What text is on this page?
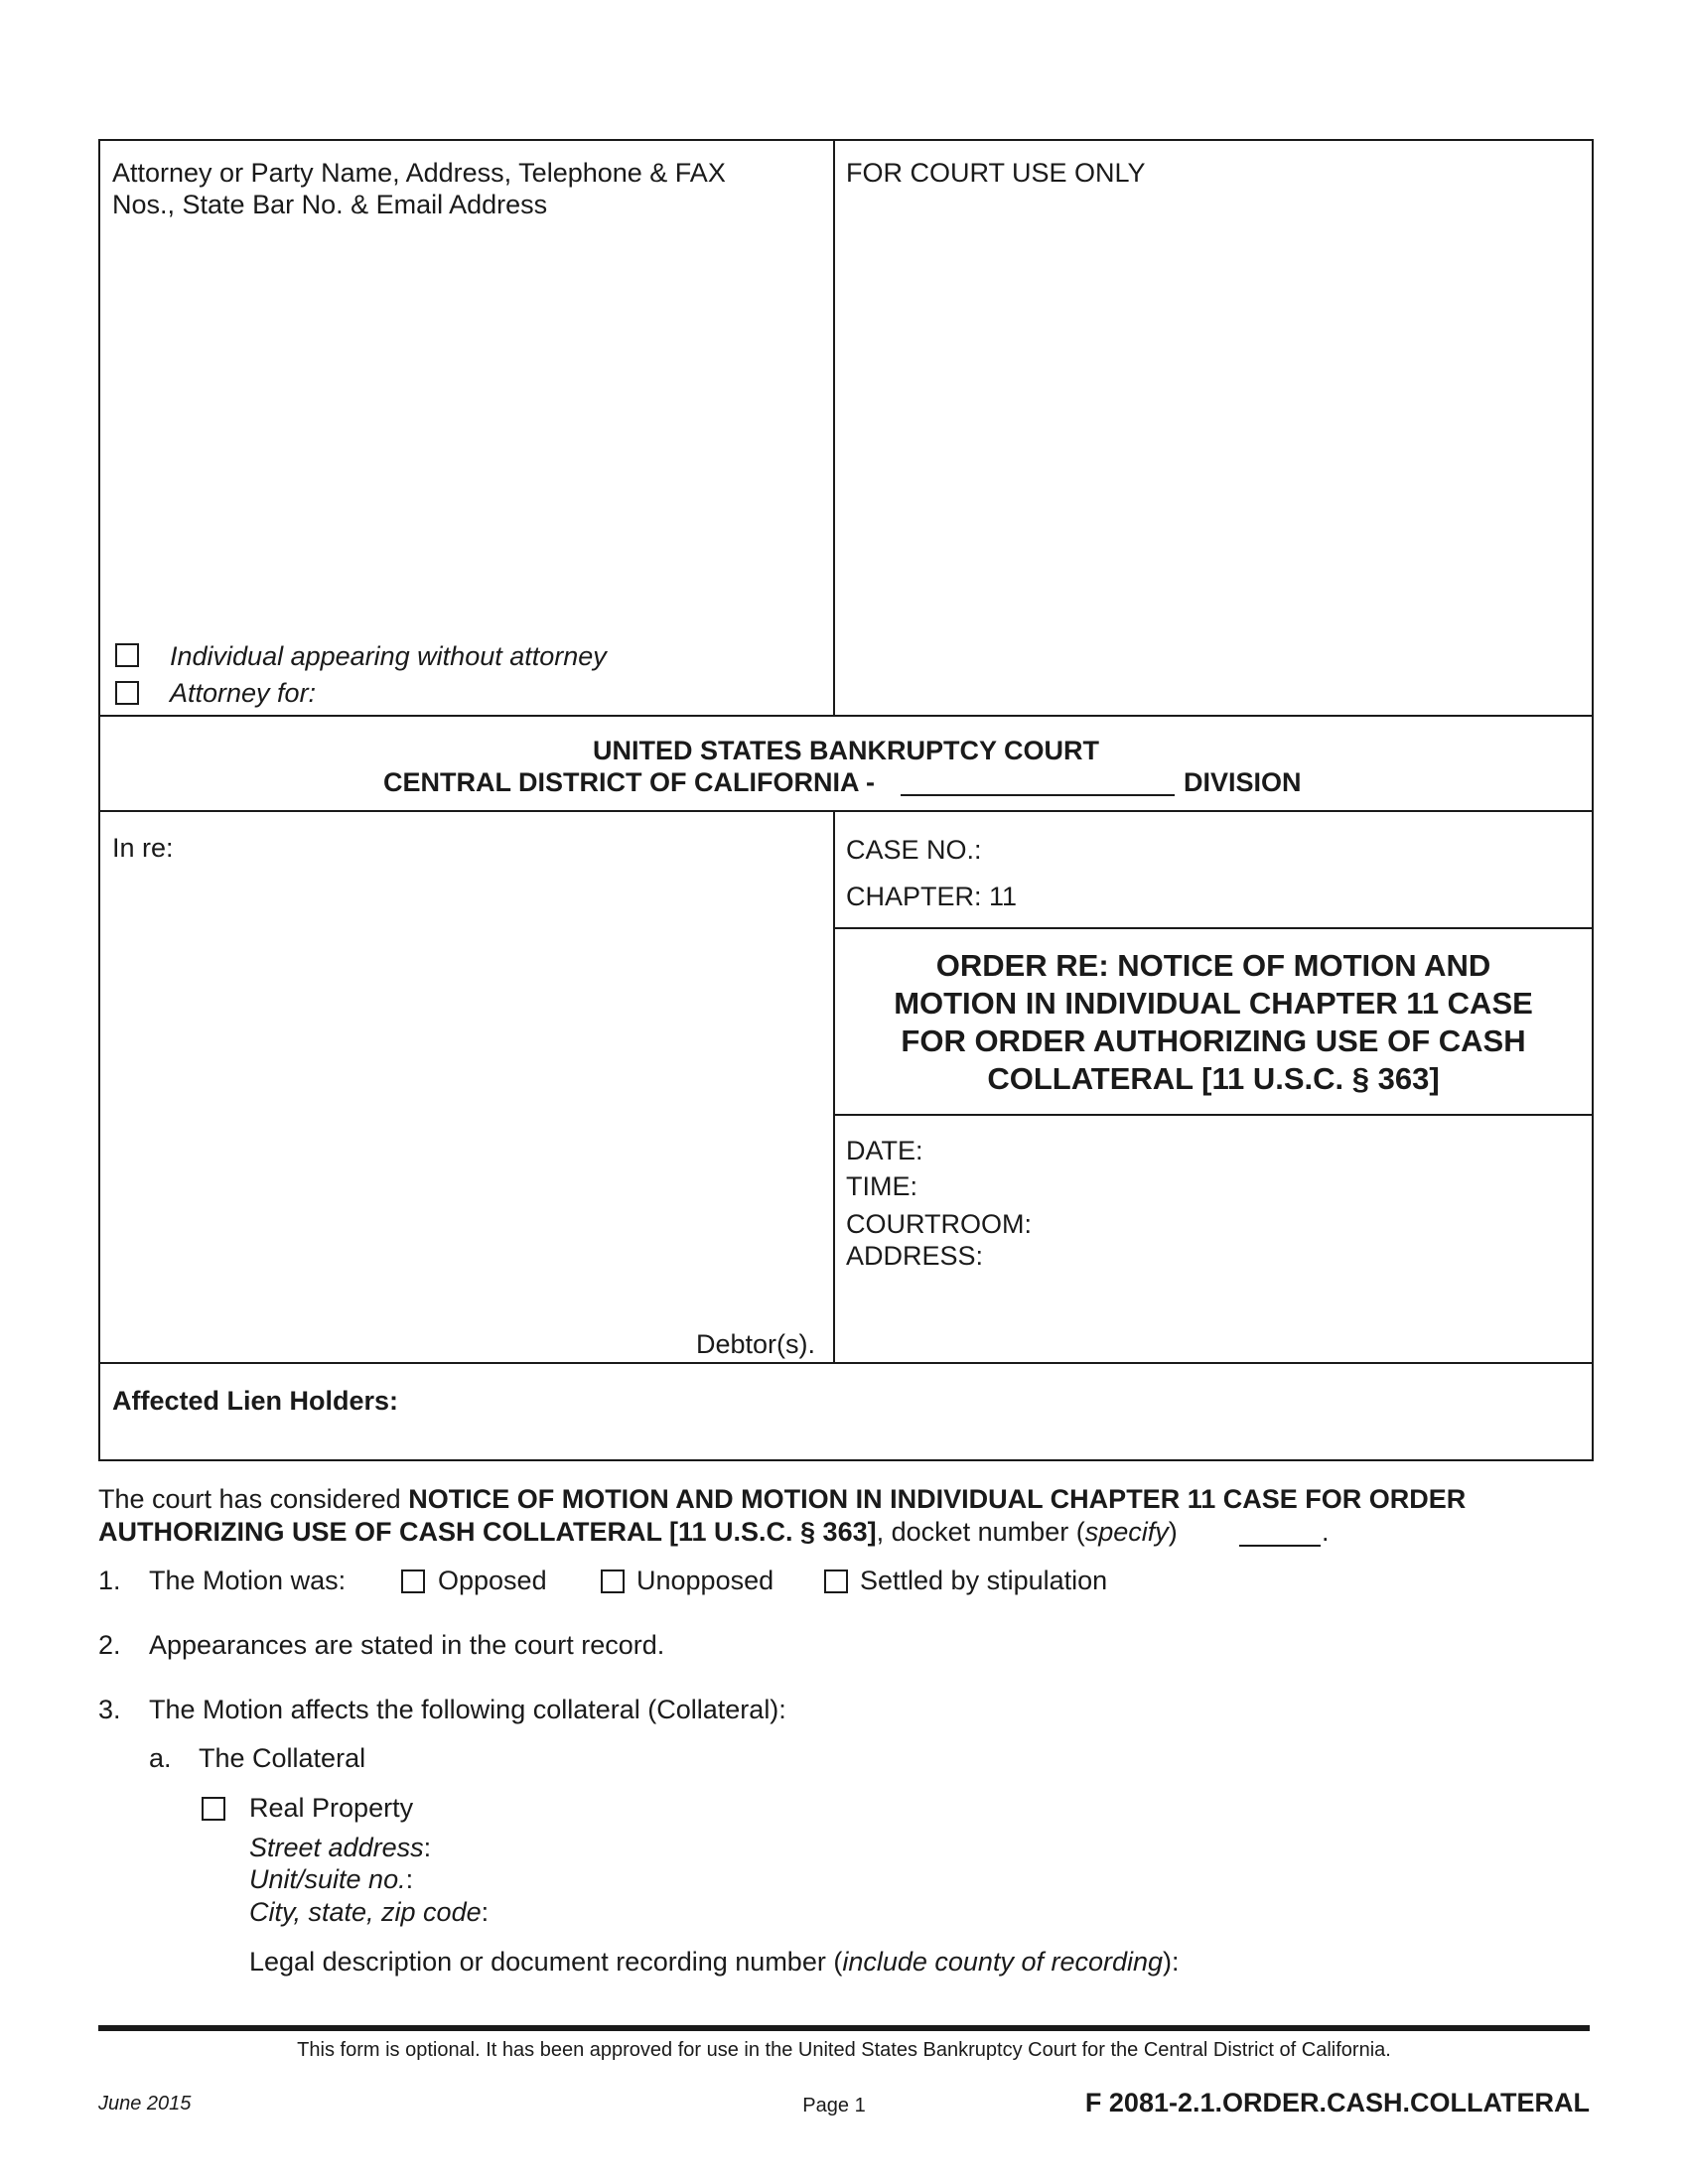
Attorney or Party Name, Address, Telephone & FAX
Nos., State Bar No. & Email Address
Individual appearing without attorney
Attorney for:
FOR COURT USE ONLY
UNITED STATES BANKRUPTCY COURT
CENTRAL DISTRICT OF CALIFORNIA -	DIVISION
In re:
Debtor(s).
CASE NO.:
CHAPTER: 11
ORDER RE: NOTICE OF MOTION AND
MOTION IN INDIVIDUAL CHAPTER 11 CASE
FOR ORDER AUTHORIZING USE OF CASH
COLLATERAL [11 U.S.C. § 363]
DATE:
TIME:
COURTROOM:
ADDRESS:
Affected Lien Holders:
The court has considered NOTICE OF MOTION AND MOTION IN INDIVIDUAL CHAPTER 11 CASE FOR ORDER
AUTHORIZING USE OF CASH COLLATERAL [11 U.S.C. § 363], docket number (specify)	.
1. The Motion was:	Opposed	Unopposed	Settled by stipulation
2. Appearances are stated in the court record.
3. The Motion affects the following collateral (Collateral):
a. The Collateral
Real Property
Street address:
Unit/suite no.:
City, state, zip code:
Legal description or document recording number (include county of recording):
This form is optional. It has been approved for use in the United States Bankruptcy Court for the Central District of California.
June 2015	Page 1	F 2081-2.1.ORDER.CASH.COLLATERAL
